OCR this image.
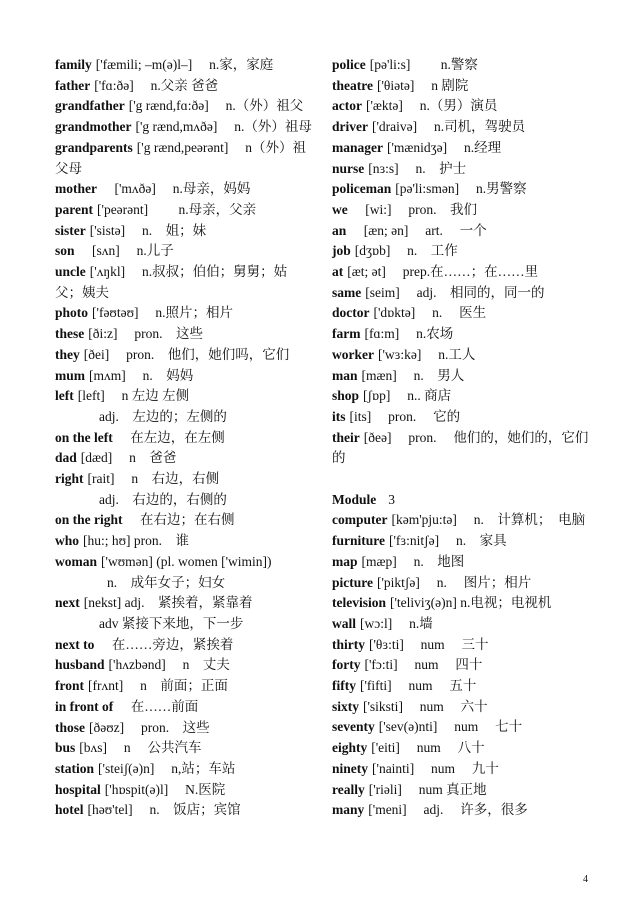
family ['fæmili; –m(ə)l–]　 n.家，家庭
father ['fɑ:ðə]　 n.父亲 爸爸
grandfather ['g rænd,fɑ:ðə]　 n.（外）祖父
grandmother ['g rænd,mʌðə]　 n.（外）祖母
grandparents ['g rænd,peərənt]　 n（外）祖父母
mother　['mʌðə]　 n.母亲，妈妈
parent ['peərənt]　　 n.母亲，父亲
sister ['sistə]　 n.　姐；妹
son　[sʌn]　 n.儿子
uncle ['ʌŋkl]　 n.叔叔；伯伯；舅舅；姑父；姨夫
photo ['fəʊtəʊ]　 n.照片；相片
these [ði:z]　 pron.　这些
they [ðei]　 pron.　他们，她们吗，它们
mum [mʌm]　 n.　妈妈
left [left]　 n 左边 左侧
adj.　左边的；左侧的
on the left　在左边，在左侧
dad [dæd]　 n　爸爸
right [rait]　 n　右边，右侧
adj.　右边的，右侧的
on the right　在右边；在右侧
who [hu:; hʊ] pron.　谁
woman ['wʊmən] (pl. women ['wimin])
n.　成年女子；妇女
next [nekst] adj.　紧挨着，紧靠着
adv 紧接下来地，下一步
next to　在……旁边，紧挨着
husband ['hʌzbənd]　 n　丈夫
front [frʌnt]　 n　前面；正面
in front of　在……前面
those [ðəʊz]　 pron.　这些
bus [bʌs]　 n　 公共汽车
station ['steiʃ(ə)n]　 n,站；车站
hospital ['hɒspit(ə)l]　 N.医院
hotel [həʊ'tel]　 n.　饭店；宾馆
police [pə'li:s]　　 n.警察
theatre ['θiətə]　 n 剧院
actor ['æktə]　 n.（男）演员
driver ['draivə]　 n.司机，驾驶员
manager ['mænidʒə]　 n.经理
nurse [nɜ:s]　 n.　护士
policeman [pə'li:smən]　 n.男警察
we　[wi:]　 pron.　我们
an　[æn; ən]　 art.　 一个
job [dʒɒb]　 n.　工作
at [æt; ət]　 prep.在……；在……里
same [seim]　 adj.　相同的，同一的
doctor ['dɒktə]　 n.　 医生
farm [fɑ:m]　 n.农场
worker ['wɜ:kə]　 n.工人
man [mæn]　 n.　男人
shop [ʃɒp]　 n.. 商店
its [its]　 pron.　 它的
their [ðeə]　 pron.　 他们的，她们的，它们的
Module 3
computer [kəm'pju:tə]　 n.　计算机；　电脑
furniture ['fɜ:nitʃə]　 n.　家具
map [mæp]　 n.　地图
picture ['piktʃə]　 n.　 图片；相片
television ['teliviʒ(ə)n] n.电视；电视机
wall [wɔ:l]　 n.墙
thirty ['θɜ:ti]　 num　 三十
forty ['fɔ:ti]　 num　 四十
fifty ['fifti]　 num　 五十
sixty ['siksti]　 num　 六十
seventy ['sev(ə)nti]　 num　 七十
eighty ['eiti]　 num　 八十
ninety ['nainti]　 num　 九十
really ['riəli]　 num 真正地
many ['meni]　 adj.　 许多，很多
4
